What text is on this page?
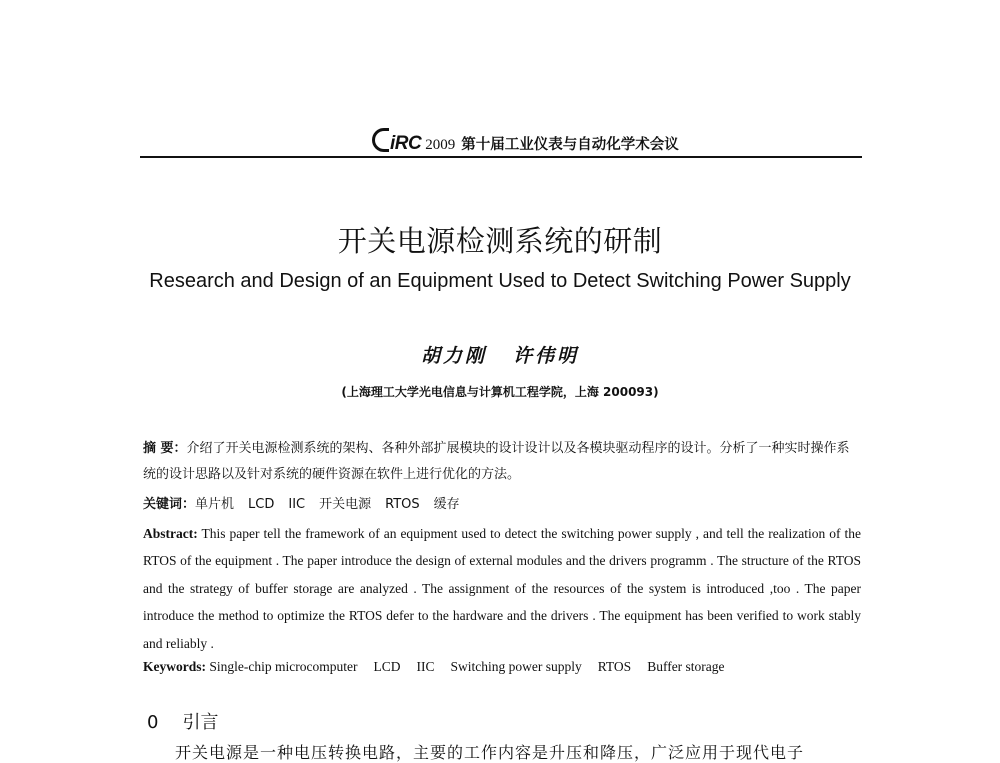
iRC 2009 第十届工业仪表与自动化学术会议
开关电源检测系统的研制
Research and Design of an Equipment Used to Detect Switching Power Supply
胡力刚 许伟明
(上海理工大学光电信息与计算机工程学院，上海 200093)
摘 要：介绍了开关电源检测系统的架构、各种外部扩展模块的设计设计以及各模块驱动程序的设计。分析了一种实时操作系统的设计思路以及针对系统的硬件资源在软件上进行优化的方法。
关键词：单片机 LCD IIC 开关电源 RTOS 缓存
Abstract: This paper tell the framework of an equipment used to detect the switching power supply , and tell the realization of the RTOS of the equipment . The paper introduce the design of external modules and the drivers programm . The structure of the RTOS and the strategy of buffer storage are analyzed . The assignment of the resources of the system is introduced ,too . The paper introduce the method to optimize the RTOS defer to the hardware and the drivers . The equipment has been verified to work stably and reliably .
Keywords: Single-chip microcomputer LCD IIC Switching power supply RTOS Buffer storage
0 引言
开关电源是一种电压转换电路，主要的工作内容是升压和降压，广泛应用于现代电子
